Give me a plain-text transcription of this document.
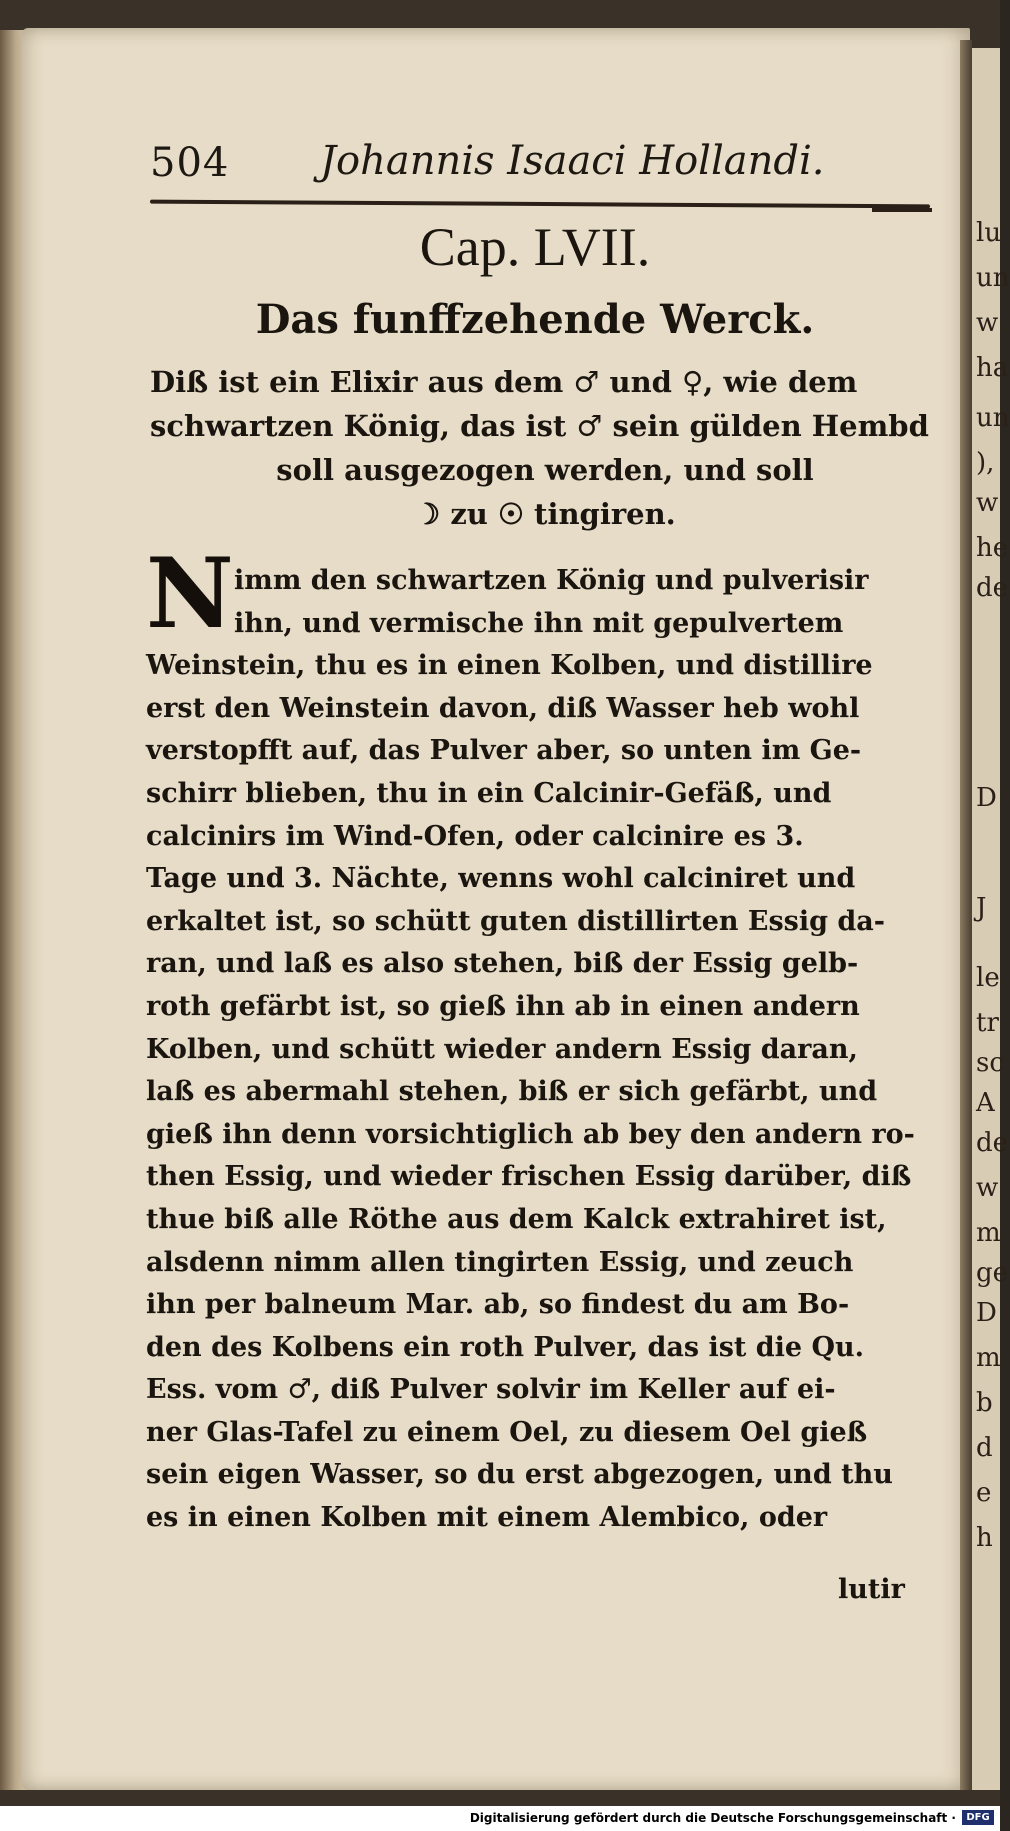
lu
un
w
ha
un
),
w
he
de
D
J
le
tr
sc
A
de
w
m
ge
D
m
b
d
e
h
504 Johannis Isaaci Hollandi.
Cap. LVII.
Das funffzehende Werck.
Diß ist ein Elixir aus dem ♂ und ♀, wie dem
schwartzen König, das ist ♂ sein gülden Hembd
soll ausgezogen werden, und soll
☽ zu ☉ tingiren.
N imm den schwartzen König und pulverisir
ihn, und vermische ihn mit gepulvertem
Weinstein, thu es in einen Kolben, und distillire
erst den Weinstein davon, diß Wasser heb wohl
verstopfft auf, das Pulver aber, so unten im Ge-
schirr blieben, thu in ein Calcinir-Gefäß, und
calcinirs im Wind-Ofen, oder calcinire es 3.
Tage und 3. Nächte, wenns wohl calciniret und
erkaltet ist, so schütt guten distillirten Essig da-
ran, und laß es also stehen, biß der Essig gelb-
roth gefärbt ist, so gieß ihn ab in einen andern
Kolben, und schütt wieder andern Essig daran,
laß es abermahl stehen, biß er sich gefärbt, und
gieß ihn denn vorsichtiglich ab bey den andern ro-
then Essig, und wieder frischen Essig darüber, diß
thue biß alle Röthe aus dem Kalck extrahiret ist,
alsdenn nimm allen tingirten Essig, und zeuch
ihn per balneum Mar. ab, so findest du am Bo-
den des Kolbens ein roth Pulver, das ist die Qu.
Ess. vom ♂, diß Pulver solvir im Keller auf ei-
ner Glas-Tafel zu einem Oel, zu diesem Oel gieß
sein eigen Wasser, so du erst abgezogen, und thu
es in einen Kolben mit einem Alembico, oder
lutir
Digitalisierung gefördert durch die Deutsche Forschungsgemeinschaft ·	DFG
